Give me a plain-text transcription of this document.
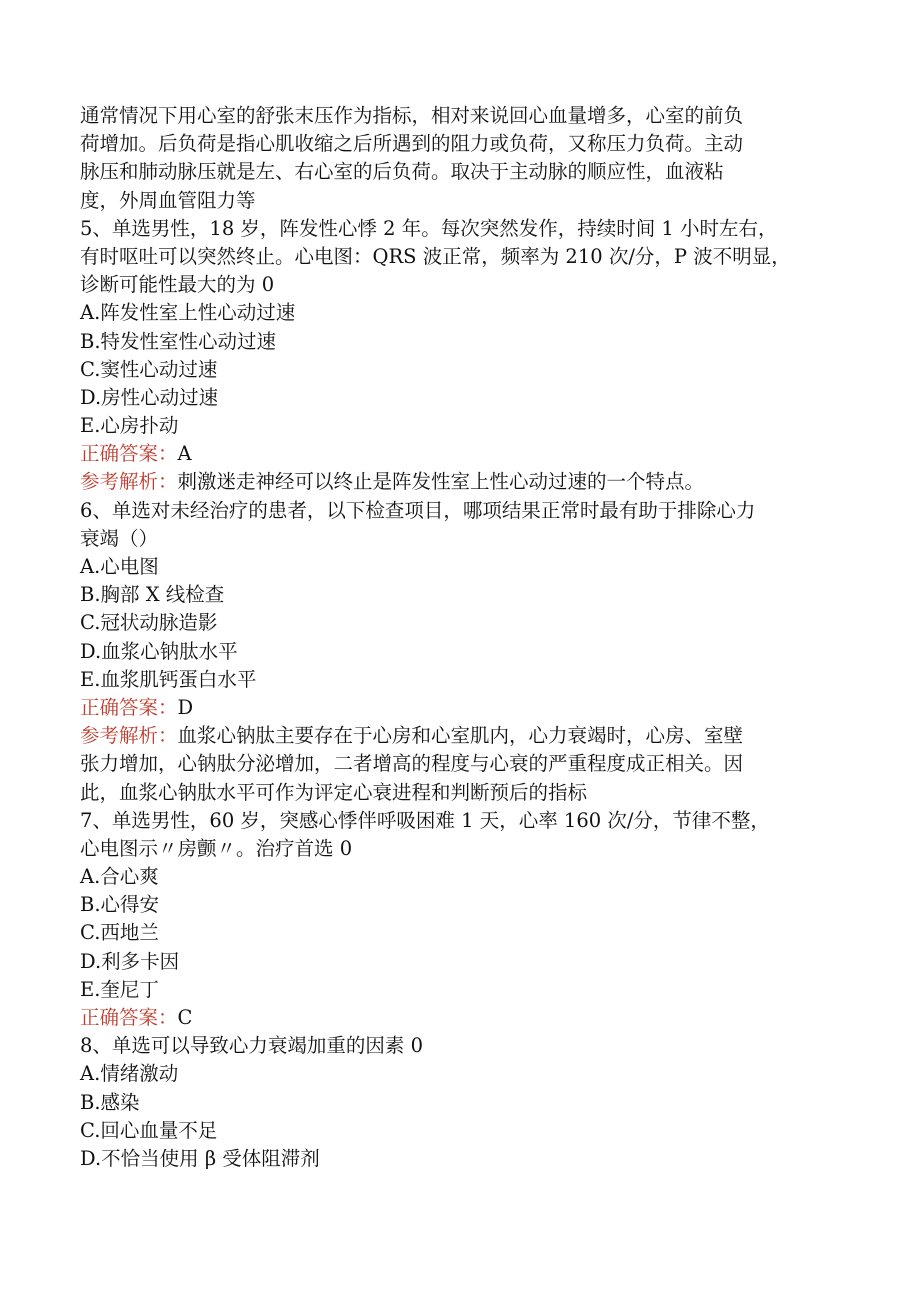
通常情况下用心室的舒张末压作为指标，相对来说回心血量增多，心室的前负
荷增加。后负荷是指心肌收缩之后所遇到的阻力或负荷，又称压力负荷。主动
脉压和肺动脉压就是左、右心室的后负荷。取决于主动脉的顺应性，血液粘
度，外周血管阻力等
5、单选男性，18 岁，阵发性心悸 2 年。每次突然发作，持续时间 1 小时左右，
有时呕吐可以突然终止。心电图：QRS 波正常，频率为 210 次/分，P 波不明显，
诊断可能性最大的为 0
A.阵发性室上性心动过速
B.特发性室性心动过速
C.窦性心动过速
D.房性心动过速
E.心房扑动
正确答案：A
参考解析：刺激迷走神经可以终止是阵发性室上性心动过速的一个特点。
6、单选对未经治疗的患者，以下检查项目，哪项结果正常时最有助于排除心力
衰竭（）
A.心电图
B.胸部 X 线检查
C.冠状动脉造影
D.血浆心钠肽水平
E.血浆肌钙蛋白水平
正确答案：D
参考解析：血浆心钠肽主要存在于心房和心室肌内，心力衰竭时，心房、室壁
张力增加，心钠肽分泌增加，二者增高的程度与心衰的严重程度成正相关。因
此，血浆心钠肽水平可作为评定心衰进程和判断预后的指标
7、单选男性，60 岁，突感心悸伴呼吸困难 1 天，心率 160 次/分，节律不整，
心电图示〃房颤〃。治疗首选 0
A.合心爽
B.心得安
C.西地兰
D.利多卡因
E.奎尼丁
正确答案：C
8、单选可以导致心力衰竭加重的因素 0
A.情绪激动
B.感染
C.回心血量不足
D.不恰当使用 β 受体阻滞剂
